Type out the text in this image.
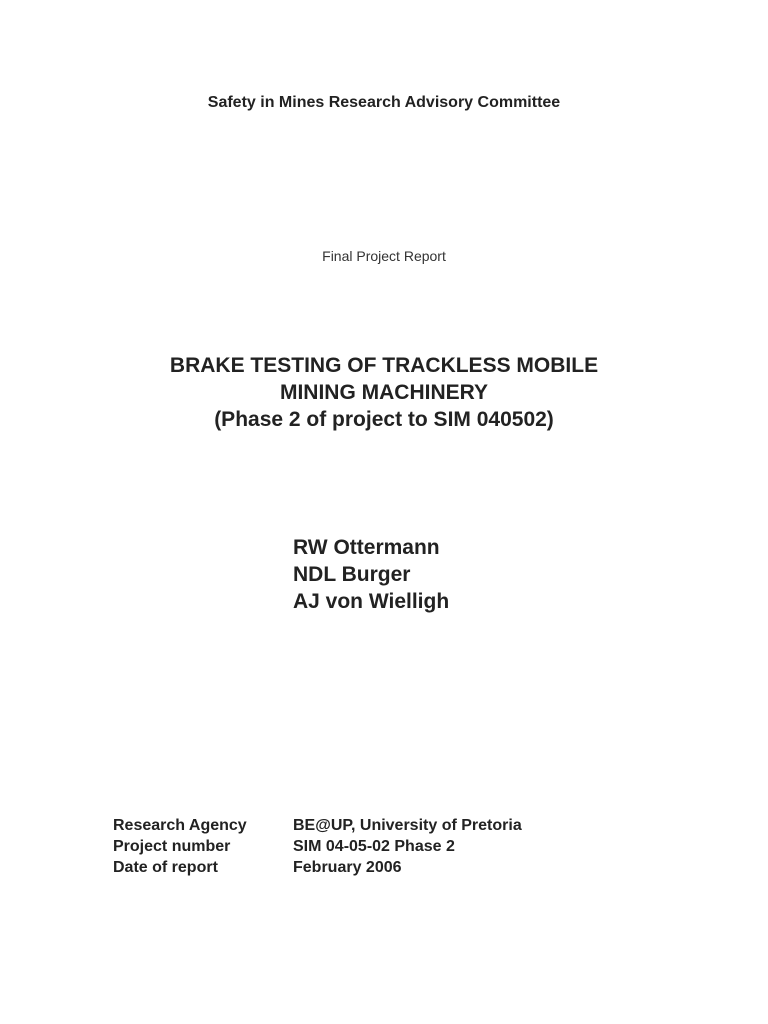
Safety in Mines Research Advisory Committee
Final Project Report
BRAKE TESTING OF TRACKLESS MOBILE
MINING MACHINERY
(Phase 2 of project to SIM 040502)
RW Ottermann
NDL Burger
AJ von Wielligh
Research Agency	BE@UP, University of Pretoria
Project number	SIM 04-05-02 Phase 2
Date of report	February 2006
